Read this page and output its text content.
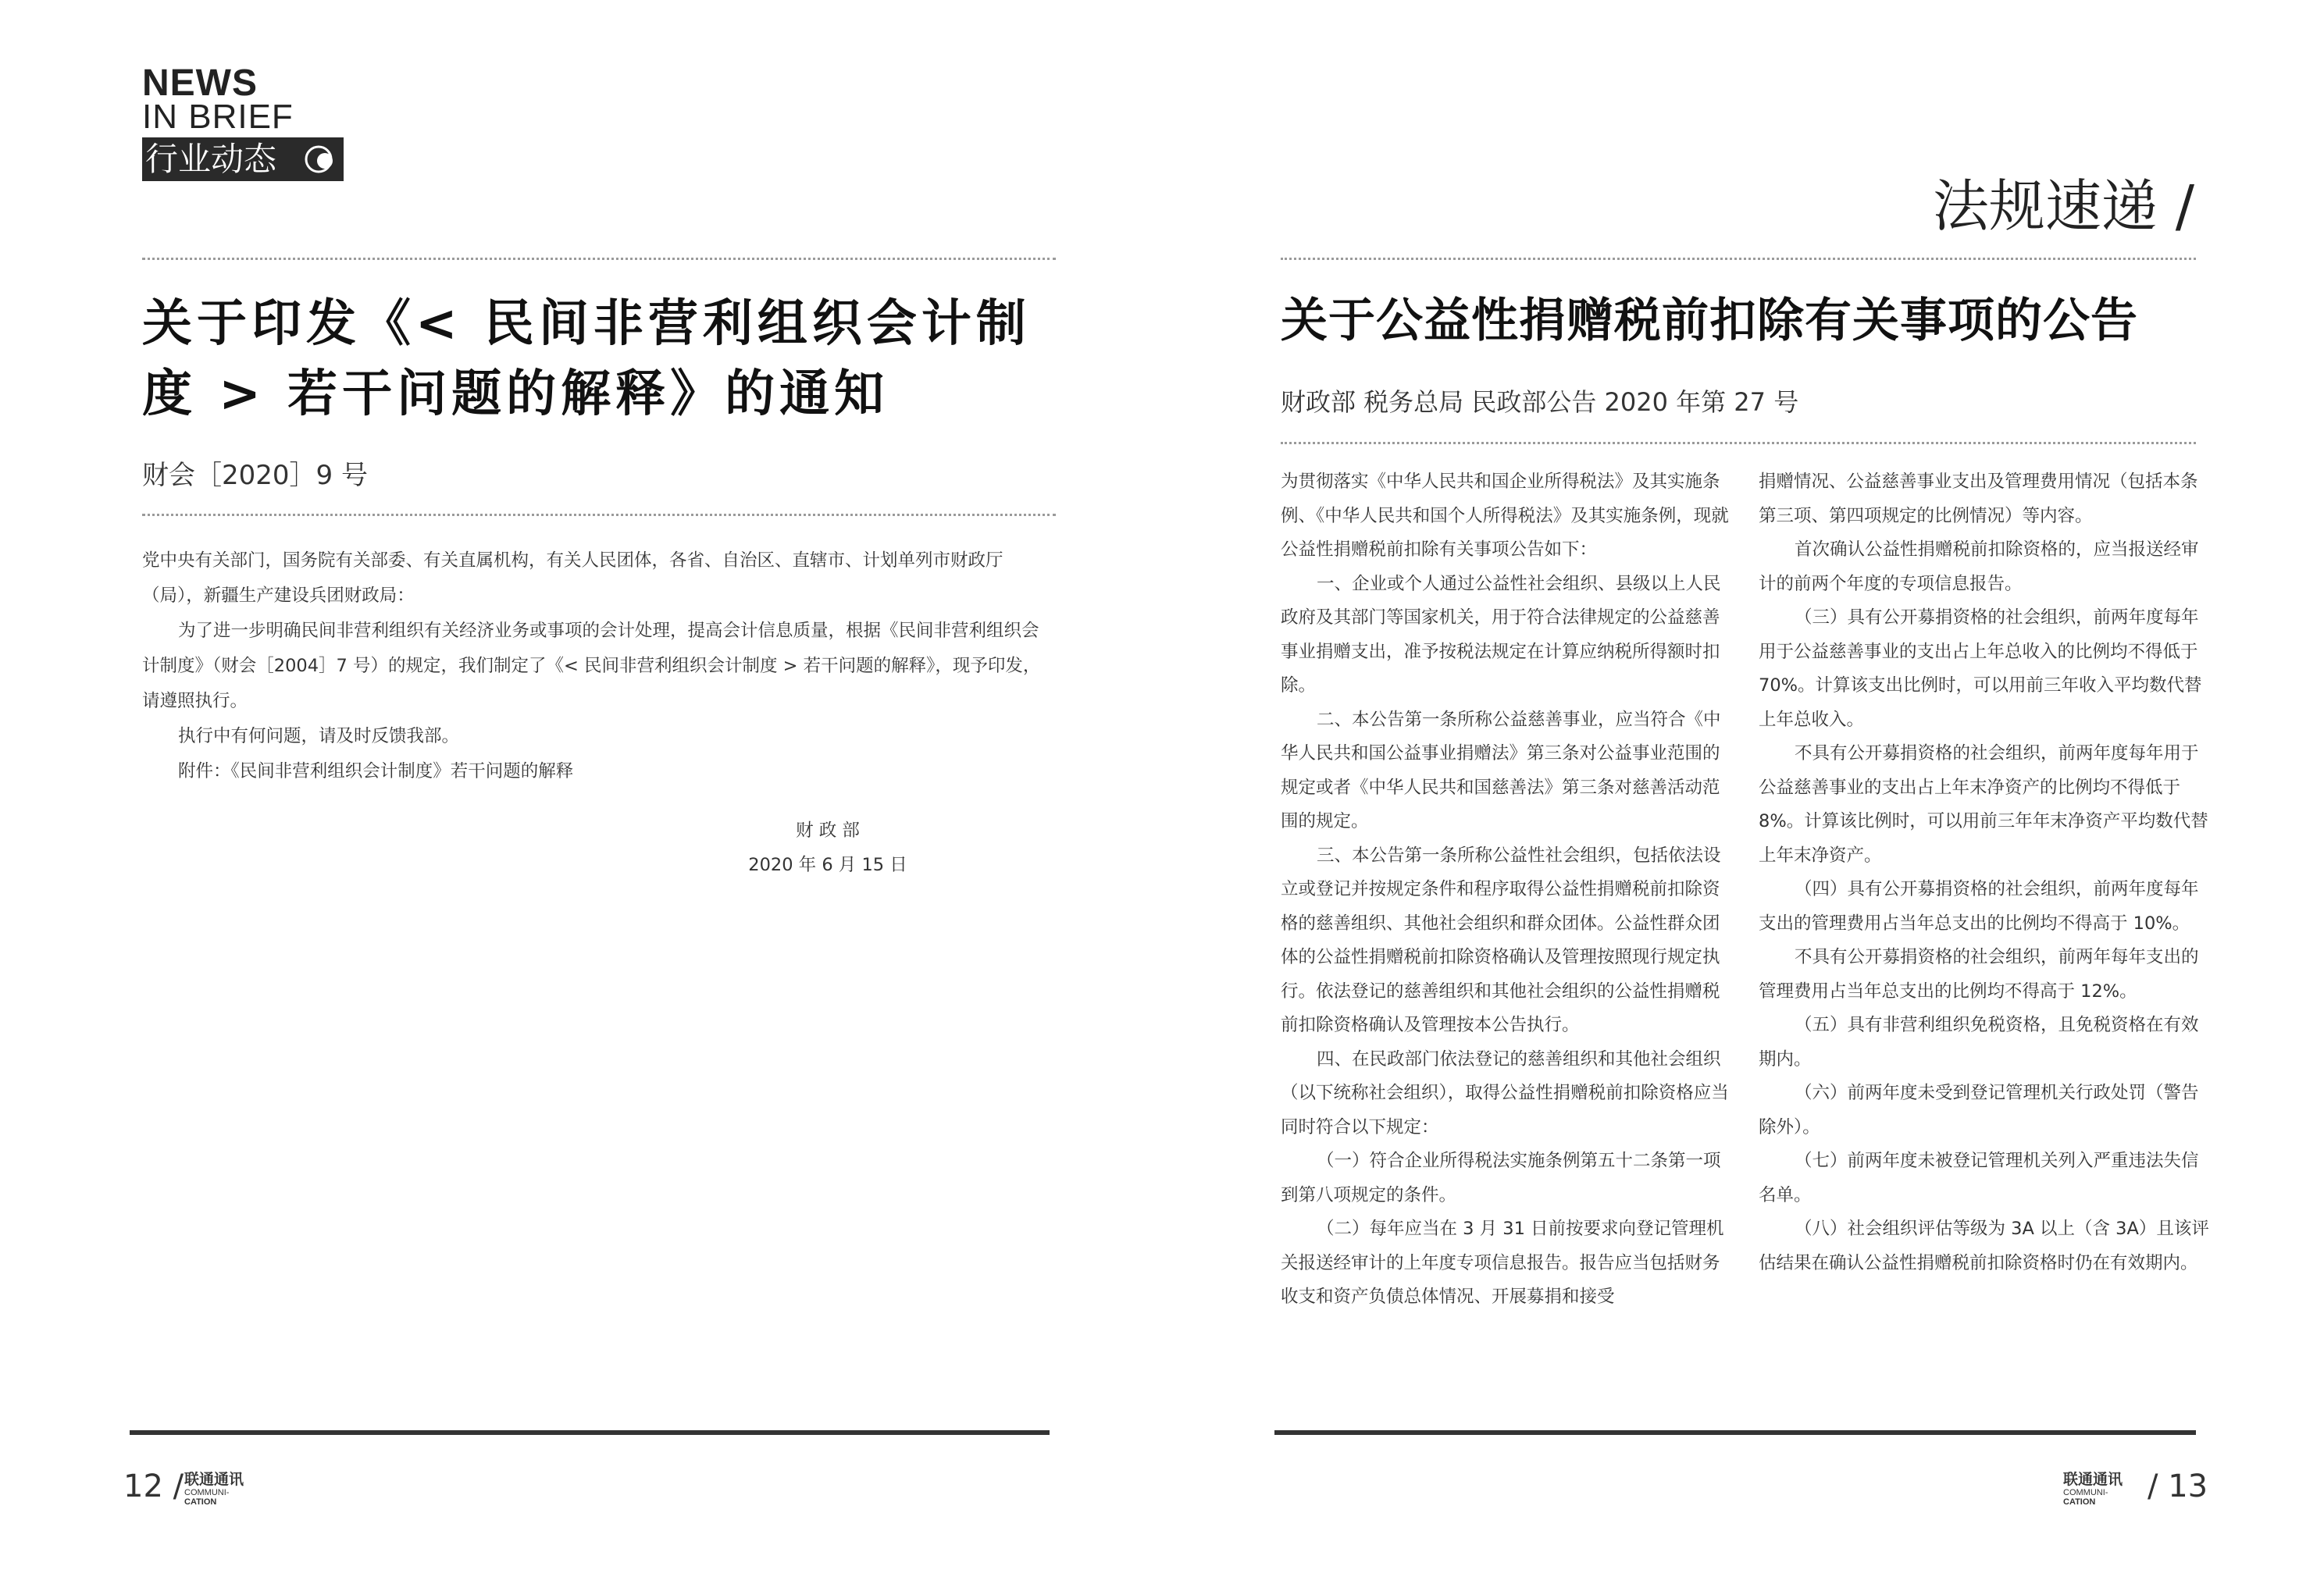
NEWS
IN BRIEF
行业动态
法规速递 /
关于印发《< 民间非营利组织会计制
度 > 若干问题的解释》的通知
财会［2020］9 号

党中央有关部门，国务院有关部委、有关直属机构，有关人民团体，各省、自治区、直辖市、计划单列市财政厅（局），新疆生产建设兵团财政局：

为了进一步明确民间非营利组织有关经济业务或事项的会计处理，提高会计信息质量，根据《民间非营利组织会计制度》（财会［2004］7 号）的规定，我们制定了《< 民间非营利组织会计制度 > 若干问题的解释》，现予印发，请遵照执行。

执行中有何问题，请及时反馈我部。

附件：《民间非营利组织会计制度》若干问题的解释

财 政 部
2020 年 6 月 15 日
关于公益性捐赠税前扣除有关事项的公告
财政部 税务总局 民政部公告 2020 年第 27 号

为贯彻落实《中华人民共和国企业所得税法》及其实施条例、《中华人民共和国个人所得税法》及其实施条例，现就公益性捐赠税前扣除有关事项公告如下：

一、企业或个人通过公益性社会组织、县级以上人民政府及其部门等国家机关，用于符合法律规定的公益慈善事业捐赠支出，准予按税法规定在计算应纳税所得额时扣除。

二、本公告第一条所称公益慈善事业，应当符合《中华人民共和国公益事业捐赠法》第三条对公益事业范围的规定或者《中华人民共和国慈善法》第三条对慈善活动范围的规定。

三、本公告第一条所称公益性社会组织，包括依法设立或登记并按规定条件和程序取得公益性捐赠税前扣除资格的慈善组织、其他社会组织和群众团体。公益性群众团体的公益性捐赠税前扣除资格确认及管理按照现行规定执行。依法登记的慈善组织和其他社会组织的公益性捐赠税前扣除资格确认及管理按本公告执行。

四、在民政部门依法登记的慈善组织和其他社会组织（以下统称社会组织），取得公益性捐赠税前扣除资格应当同时符合以下规定：

（一）符合企业所得税法实施条例第五十二条第一项到第八项规定的条件。

（二）每年应当在 3 月 31 日前按要求向登记管理机关报送经审计的上年度专项信息报告。报告应当包括财务收支和资产负债总体情况、开展募捐和接受

捐赠情况、公益慈善事业支出及管理费用情况（包括本条第三项、第四项规定的比例情况）等内容。

首次确认公益性捐赠税前扣除资格的，应当报送经审计的前两个年度的专项信息报告。

（三）具有公开募捐资格的社会组织，前两年度每年用于公益慈善事业的支出占上年总收入的比例均不得低于 70%。计算该支出比例时，可以用前三年收入平均数代替上年总收入。

不具有公开募捐资格的社会组织，前两年度每年用于公益慈善事业的支出占上年末净资产的比例均不得低于 8%。计算该比例时，可以用前三年年末净资产平均数代替上年末净资产。

（四）具有公开募捐资格的社会组织，前两年度每年支出的管理费用占当年总支出的比例均不得高于 10%。

不具有公开募捐资格的社会组织，前两年每年支出的管理费用占当年总支出的比例均不得高于 12%。

（五）具有非营利组织免税资格，且免税资格在有效期内。

（六）前两年度未受到登记管理机关行政处罚（警告除外）。

（七）前两年度未被登记管理机关列入严重违法失信名单。

（八）社会组织评估等级为 3A 以上（含 3A）且该评估结果在确认公益性捐赠税前扣除资格时仍在有效期内。

12 / 联通通讯
COMMUNI-
CATION
联通通讯
COMMUNI-
CATION	/ 13
